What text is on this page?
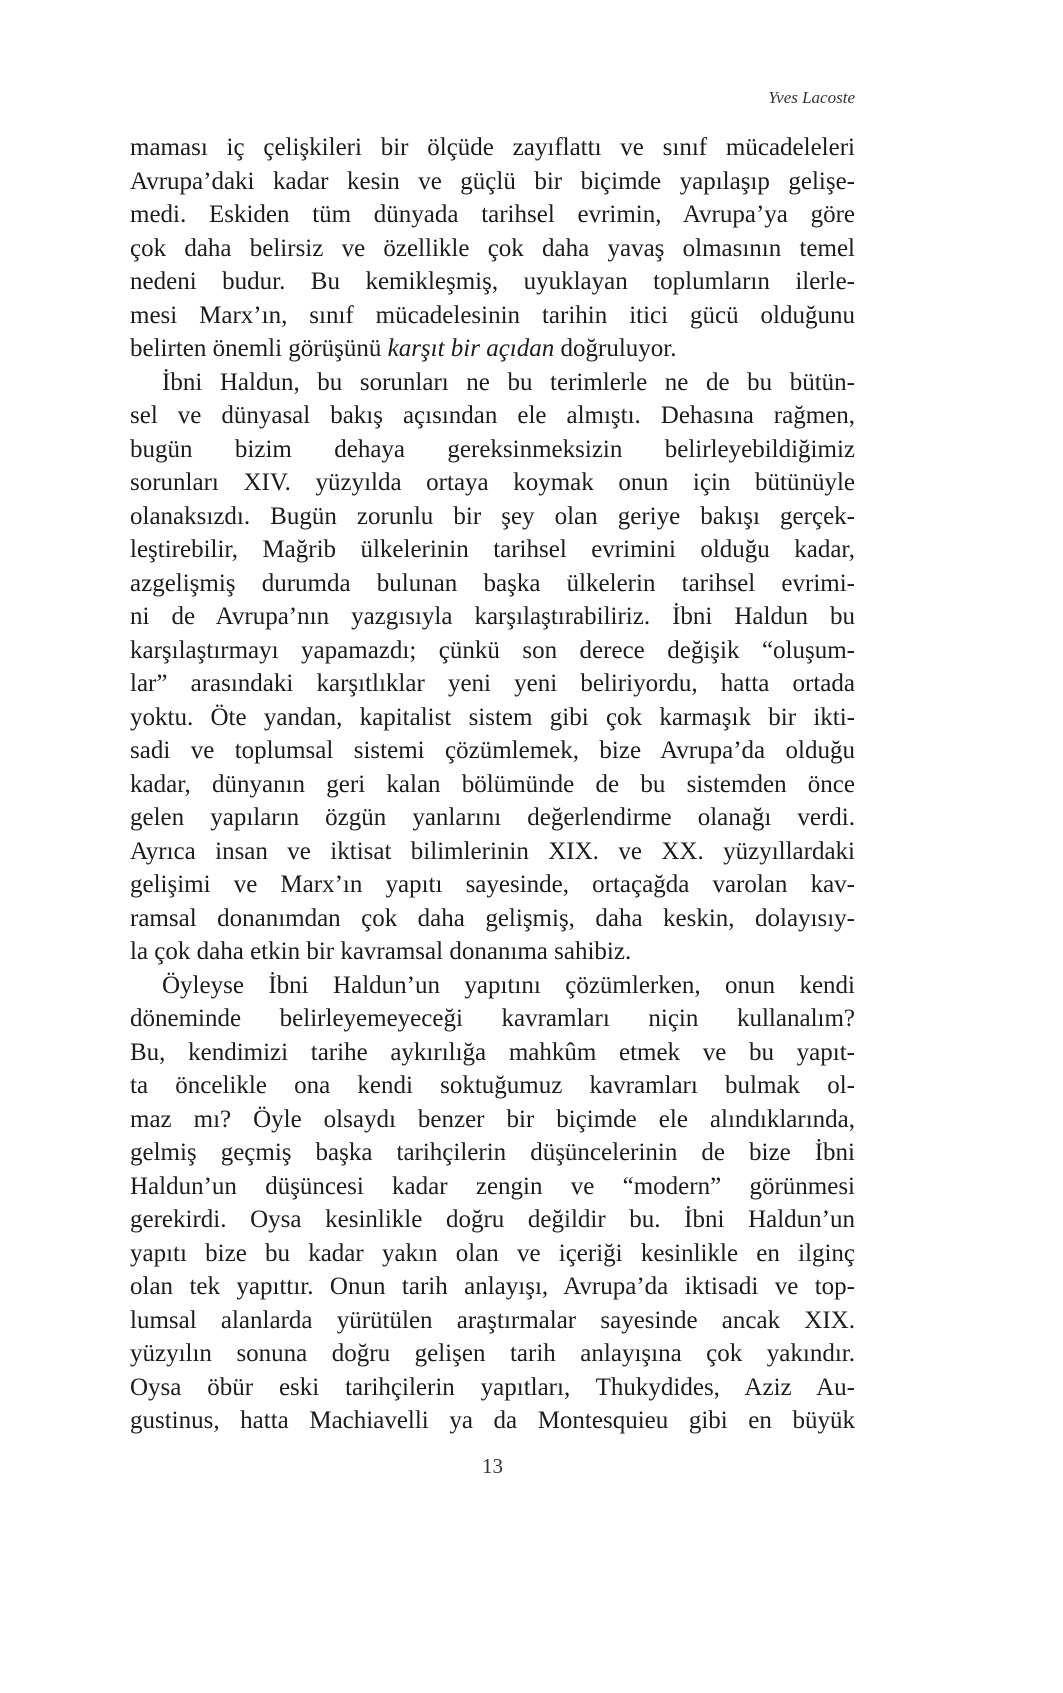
Yves Lacoste
maması iç çelişkileri bir ölçüde zayıflattı ve sınıf mücadeleleri
Avrupa’daki kadar kesin ve güçlü bir biçimde yapılaşıp gelişe-
medi. Eskiden tüm dünyada tarihsel evrimin, Avrupa’ya göre
çok daha belirsiz ve özellikle çok daha yavaş olmasının temel
nedeni budur. Bu kemikleşmiş, uyuklayan toplumların ilerle-
mesi Marx’ın, sınıf mücadelesinin tarihin itici gücü olduğunu
belirten önemli görüşünü karşıt bir açıdan doğruluyor.
İbni Haldun, bu sorunları ne bu terimlerle ne de bu bütün-
sel ve dünyasal bakış açısından ele almıştı. Dehasına rağmen,
bugün bizim dehaya gereksinmeksizin belirleyebildiğimiz
sorunları XIV. yüzyılda ortaya koymak onun için bütünüyle
olanaksızdı. Bugün zorunlu bir şey olan geriye bakışı gerçek-
leştirebilir, Mağrib ülkelerinin tarihsel evrimini olduğu kadar,
azgelişmiş durumda bulunan başka ülkelerin tarihsel evrimi-
ni de Avrupa’nın yazgısıyla karşılaştırabiliriz. İbni Haldun bu
karşılaştırmayı yapamazdı; çünkü son derece değişik “oluşum-
lar” arasındaki karşıtlıklar yeni yeni beliriyordu, hatta ortada
yoktu. Öte yandan, kapitalist sistem gibi çok karmaşık bir ikti-
sadi ve toplumsal sistemi çözümlemek, bize Avrupa’da olduğu
kadar, dünyanın geri kalan bölümünde de bu sistemden önce
gelen yapıların özgün yanlarını değerlendirme olanağı verdi.
Ayrıca insan ve iktisat bilimlerinin XIX. ve XX. yüzyıllardaki
gelişimi ve Marx’ın yapıtı sayesinde, ortaçağda varolan kav-
ramsal donanımdan çok daha gelişmiş, daha keskin, dolayısıy-
la çok daha etkin bir kavramsal donanıma sahibiz.
Öyleyse İbni Haldun’un yapıtını çözümlerken, onun kendi
döneminde belirleyemeyeceği kavramları niçin kullanalım?
Bu, kendimizi tarihe aykırılığa mahkûm etmek ve bu yapıt-
ta öncelikle ona kendi soktuğumuz kavramları bulmak ol-
maz mı? Öyle olsaydı benzer bir biçimde ele alındıklarında,
gelmiş geçmiş başka tarihçilerin düşüncelerinin de bize İbni
Haldun’un düşüncesi kadar zengin ve “modern” görünmesi
gerekirdi. Oysa kesinlikle doğru değildir bu. İbni Haldun’un
yapıtı bize bu kadar yakın olan ve içeriği kesinlikle en ilginç
olan tek yapıttır. Onun tarih anlayışı, Avrupa’da iktisadi ve top-
lumsal alanlarda yürütülen araştırmalar sayesinde ancak XIX.
yüzyılın sonuna doğru gelişen tarih anlayışına çok yakındır.
Oysa öbür eski tarihçilerin yapıtları, Thukydides, Aziz Au-
gustinus, hatta Machiavelli ya da Montesquieu gibi en büyük
13
